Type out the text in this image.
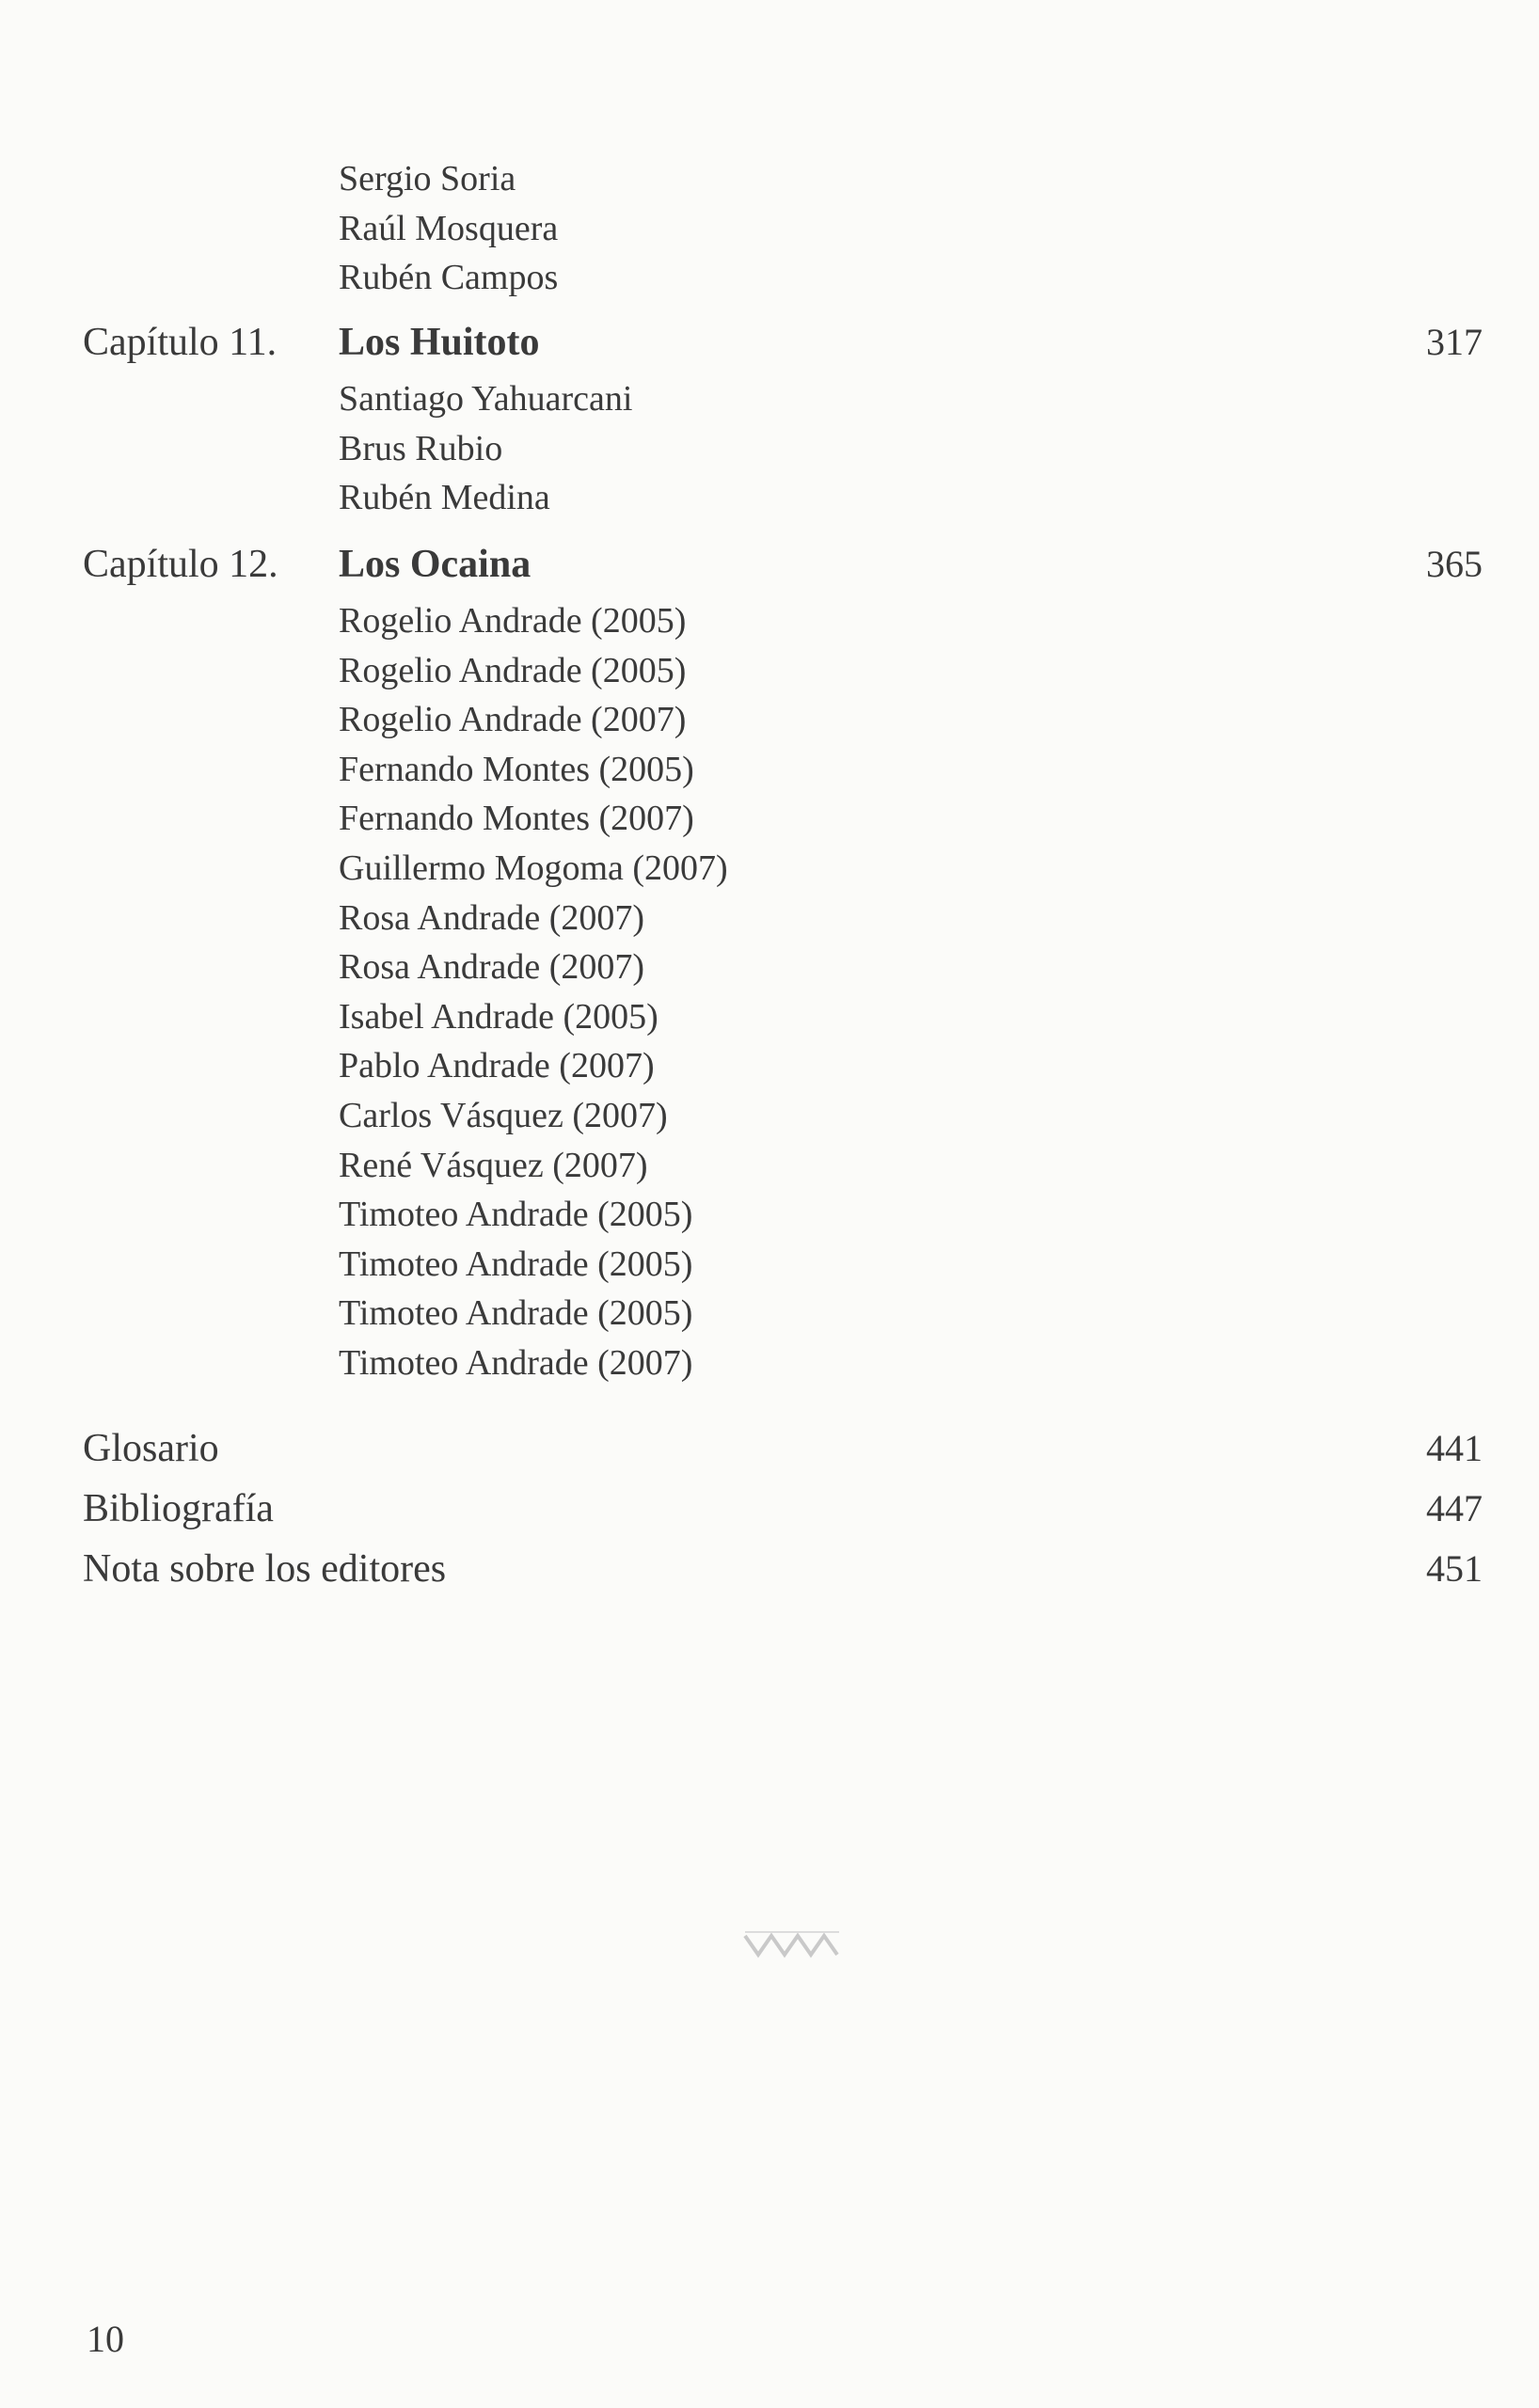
Sergio Soria
Raúl Mosquera
Rubén Campos
Capítulo 11. Los Huitoto	317
Santiago Yahuarcani
Brus Rubio
Rubén Medina
Capítulo 12. Los Ocaina	365
Rogelio Andrade (2005)
Rogelio Andrade (2005)
Rogelio Andrade (2007)
Fernando Montes (2005)
Fernando Montes (2007)
Guillermo Mogoma (2007)
Rosa Andrade (2007)
Rosa Andrade (2007)
Isabel Andrade (2005)
Pablo Andrade (2007)
Carlos Vásquez (2007)
René Vásquez (2007)
Timoteo Andrade (2005)
Timoteo Andrade (2005)
Timoteo Andrade (2005)
Timoteo Andrade (2007)
Glosario	441
Bibliografía	447
Nota sobre los editores	451
10
